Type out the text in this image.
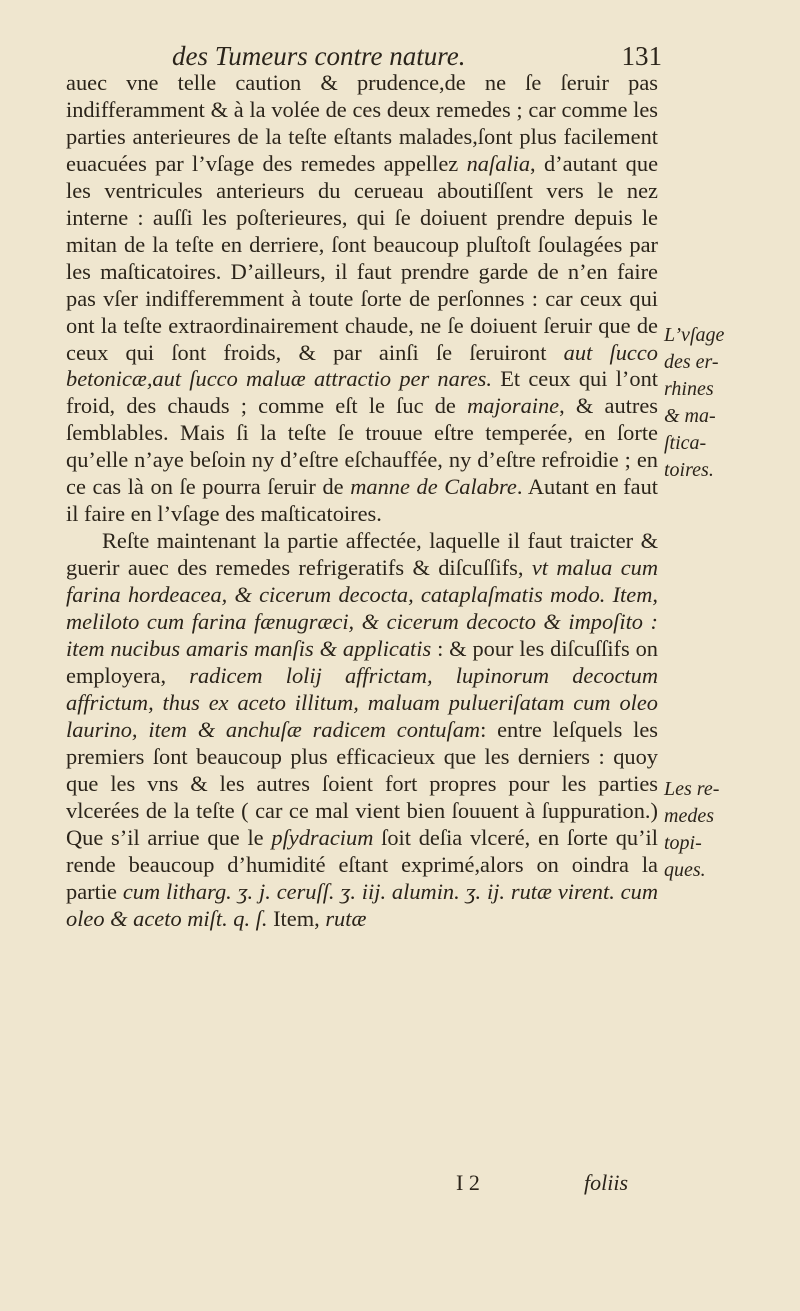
des Tumeurs contre nature.	131

auec vne telle caution & prudence,de ne ſe ſeruir pas indifferamment & à la volée de ces deux remedes ; car comme les parties anterieures de la teſte eſtants malades,ſont plus facilement euacuées par l’vſage des remedes appellez naſalia, d’autant que les ventricules anterieurs du cerueau aboutiſſent vers le nez interne : auſſi les poſterieures, qui ſe doiuent prendre depuis le mitan de la teſte en derriere, ſont beaucoup pluſtoſt ſoulagées par les maſticatoires. D’ailleurs, il faut prendre garde de n’en faire pas vſer indifferemment à toute ſorte de perſonnes : car ceux qui ont la teſte extraordinairement chaude, ne ſe doiuent ſeruir que de ceux qui ſont froids, & par ainſi ſe ſeruiront aut ſucco betonicæ,aut ſucco maluæ attractio per nares. Et ceux qui l’ont froid, des chauds ; comme eſt le ſuc de majoraine, & autres ſemblables. Mais ſi la teſte ſe trouue eſtre temperée, en ſorte qu’elle n’aye beſoin ny d’eſtre eſchauffée, ny d’eſtre refroidie ; en ce cas là on ſe pourra ſeruir de manne de Calabre. Autant en faut il faire en l’vſage des maſticatoires.

Reſte maintenant la partie affectée, laquelle il faut traicter & guerir auec des remedes refrigeratifs & diſcuſſifs, vt malua cum farina hordeacea, & cicerum decocta, cataplaſmatis modo. Item, meliloto cum farina fænugræci, & cicerum decocto & impoſito : item nucibus amaris manſis & applicatis : & pour les diſcuſſifs on employera, radicem lolij affrictam, lupinorum decoctum affrictum, thus ex aceto illitum, maluam pulueriſatam cum oleo laurino, item & anchuſæ radicem contuſam: entre leſquels les premiers ſont beaucoup plus efficacieux que les derniers : quoy que les vns & les autres ſoient fort propres pour les parties vlcerées de la teſte ( car ce mal vient bien ſouuent à ſuppuration.) Que s’il arriue que le pſydracium ſoit deſia vlceré, en ſorte qu’il rende beaucoup d’humidité eſtant exprimé,alors on oindra la partie cum litharg. ʒ. j. ceruſſ. ʒ. iij. alumin. ʒ. ij. rutæ virent. cum oleo & aceto miſt. q. ſ. Item, rutæ

L’vſage
des er-
rhines
& ma-
ſtica-
toires.
Les re-
medes
topi-
ques.
I 2	foliis
